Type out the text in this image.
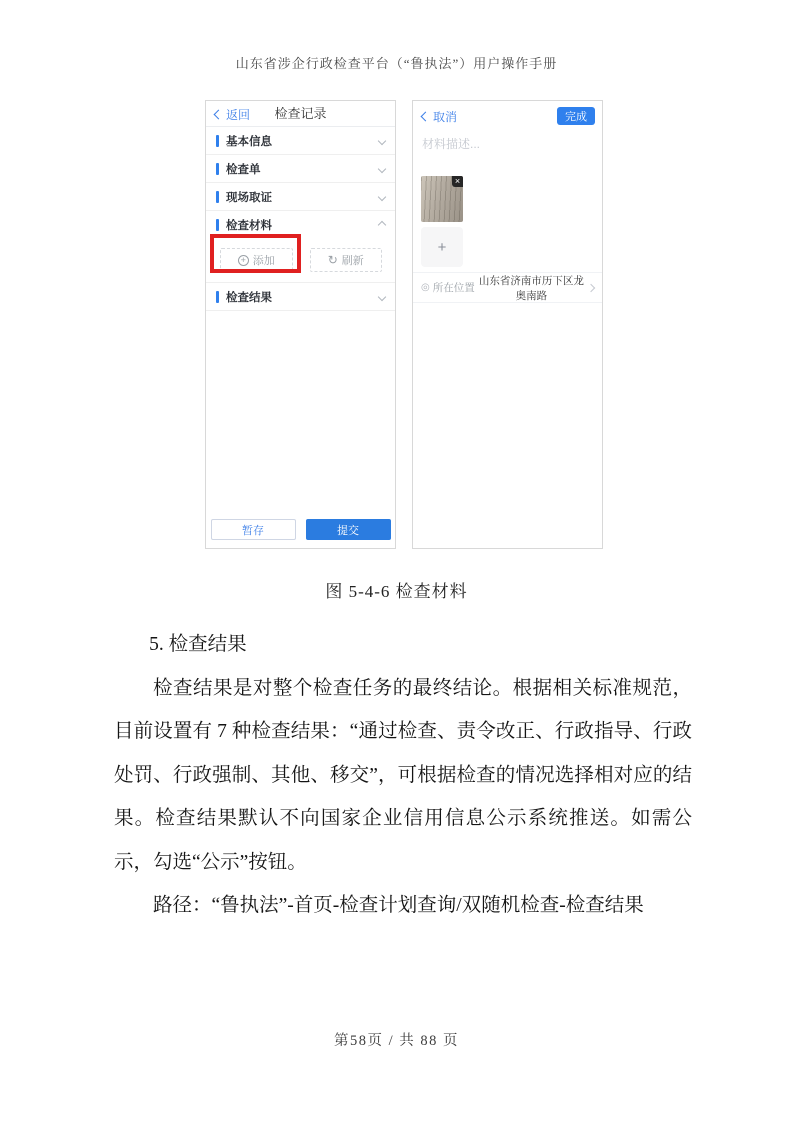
山东省涉企行政检查平台（“鲁执法”）用户操作手册
返回	检查记录
基本信息
检查单
现场取证
检查材料
+ 添加	↻ 刷新
检查结果
暂存	提交
取消	完成
材料描述...
×
+
◎ 所在位置
山东省济南市历下区龙奥南路
图 5-4-6 检查材料

5. 检查结果

检查结果是对整个检查任务的最终结论。根据相关标准规范，目前设置有 7 种检查结果：“通过检查、责令改正、行政指导、行政处罚、行政强制、其他、移交”，可根据检查的情况选择相对应的结果。检查结果默认不向国家企业信用信息公示系统推送。如需公示，勾选“公示”按钮。

路径：“鲁执法”-首页-检查计划查询/双随机检查-检查结果

第58页 / 共 88 页
